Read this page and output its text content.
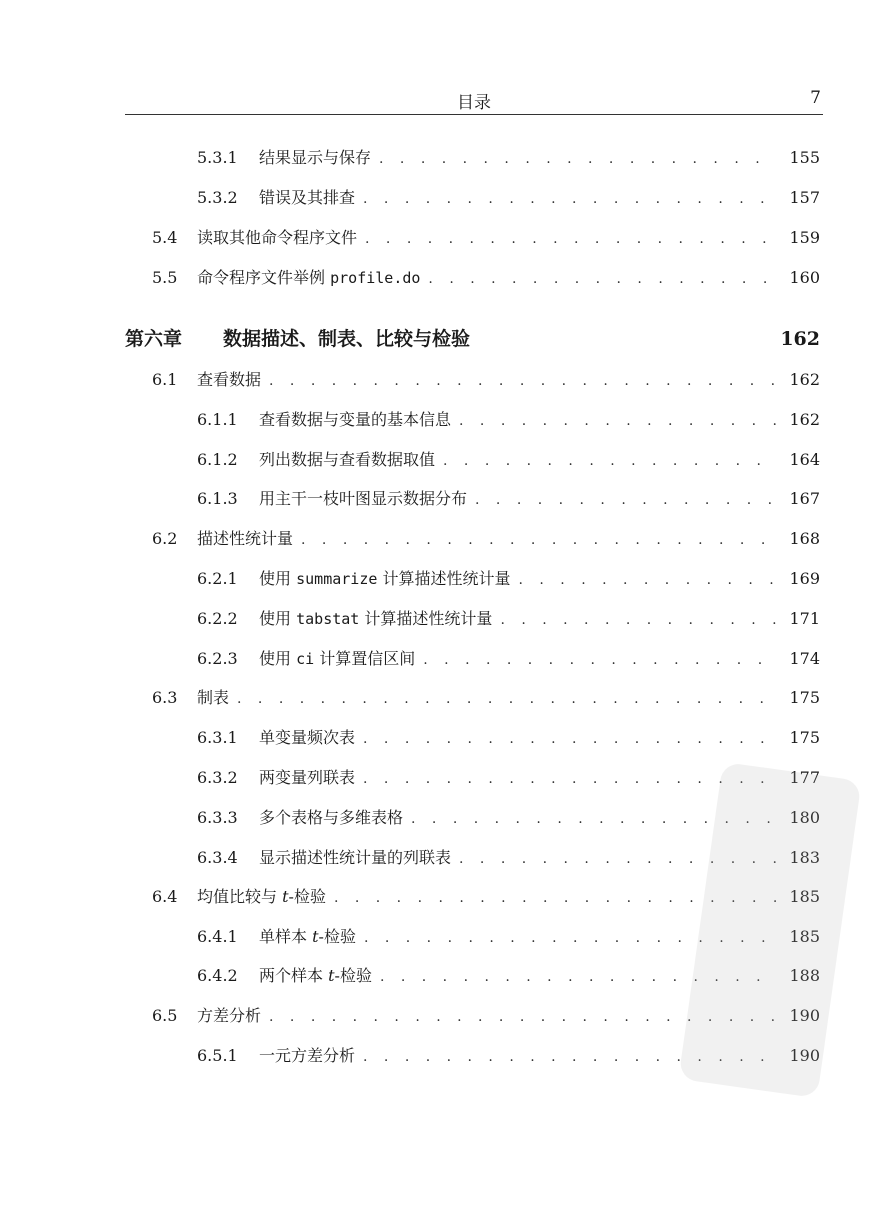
目录	7
5.3.1	结果显示与保存 . . .	155
5.3.2	错误及其排查 . . .	157
5.4	读取其他命令程序文件 . . .	159
5.5	命令程序文件举例 profile.do . . .	160
第六章	数据描述、制表、比较与检验	162
6.1	查看数据 . . .	162
6.1.1	查看数据与变量的基本信息 . . .	162
6.1.2	列出数据与查看数据取值 . . .	164
6.1.3	用主干一枝叶图显示数据分布 . . .	167
6.2	描述性统计量 . . .	168
6.2.1	使用 summarize 计算描述性统计量 . . .	169
6.2.2	使用 tabstat 计算描述性统计量 . . .	171
6.2.3	使用 ci 计算置信区间 . . .	174
6.3	制表 . . .	175
6.3.1	单变量频次表 . . .	175
6.3.2	两变量列联表 . . .	177
6.3.3	多个表格与多维表格 . . .	180
6.3.4	显示描述性统计量的列联表 . . .	183
6.4	均值比较与 t-检验 . . .	185
6.4.1	单样本 t-检验 . . .	185
6.4.2	两个样本 t-检验 . . .	188
6.5	方差分析 . . .	190
6.5.1	一元方差分析 . . .	190
